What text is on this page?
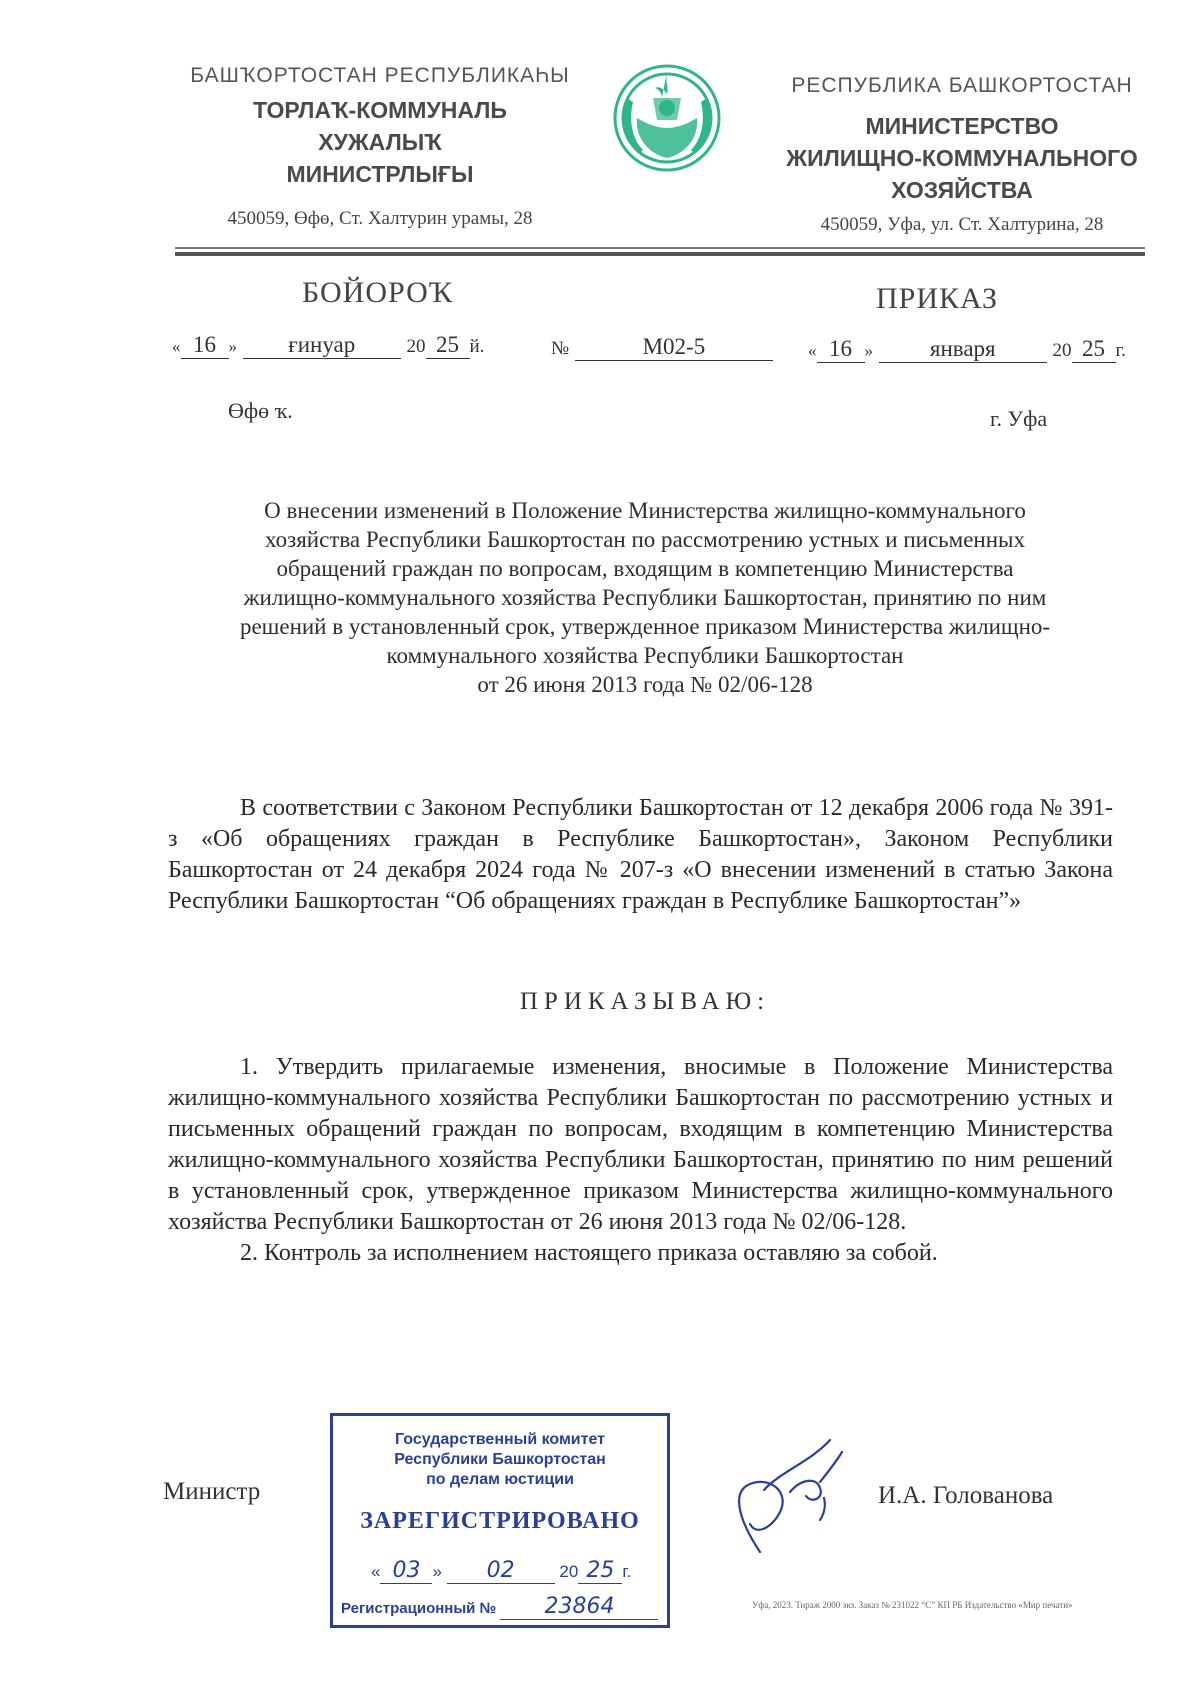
БАШҠОРТОСТАН РЕСПУБЛИКАҺЫ
ТОРЛАҠ-КОММУНАЛЬ
ХУЖАЛЫҠ
МИНИСТРЛЫҒЫ
450059, Өфө, Ст. Халтурин урамы, 28
РЕСПУБЛИКА БАШКОРТОСТАН
МИНИСТЕРСТВО
ЖИЛИЩНО-КОММУНАЛЬНОГО
ХОЗЯЙСТВА
450059, Уфа, ул. Ст. Халтурина, 28
БОЙОРОҠ	ПРИКАЗ
« 16 » ғинуар	20 25 й.	№	М02-5	« 16 » января	20 25 г.
Өфө ҡ.	г. Уфа
О внесении изменений в Положение Министерства жилищно-коммунального
хозяйства Республики Башкортостан по рассмотрению устных и письменных
обращений граждан по вопросам, входящим в компетенцию Министерства
жилищно-коммунального хозяйства Республики Башкортостан, принятию по ним
решений в установленный срок, утвержденное приказом Министерства жилищно-
коммунального хозяйства Республики Башкортостан
от 26 июня 2013 года № 02/06-128

В соответствии с Законом Республики Башкортостан от 12 декабря 2006 года № 391-з «Об обращениях граждан в Республике Башкортостан», Законом Республики Башкортостан от 24 декабря 2024 года № 207-з «О внесении изменений в статью Закона Республики Башкортостан “Об обращениях граждан в Республике Башкортостан”»

ПРИКАЗЫВАЮ:

1. Утвердить прилагаемые изменения, вносимые в Положение Министерства жилищно-коммунального хозяйства Республики Башкортостан по рассмотрению устных и письменных обращений граждан по вопросам, входящим в компетенцию Министерства жилищно-коммунального хозяйства Республики Башкортостан, принятию по ним решений в установленный срок, утвержденное приказом Министерства жилищно-коммунального хозяйства Республики Башкортостан от 26 июня 2013 года № 02/06-128.

2. Контроль за исполнением настоящего приказа оставляю за собой.

Министр
Государственный комитет
Республики Башкортостан
по делам юстиции
ЗАРЕГИСТРИРОВАНО
« 03 » 02	20 25 г.
Регистрационный № 23864
И.А. Голованова
Уфа, 2023. Тираж 2000 экз. Заказ № 231022 “С” КП РБ Издательство «Мир печати»
